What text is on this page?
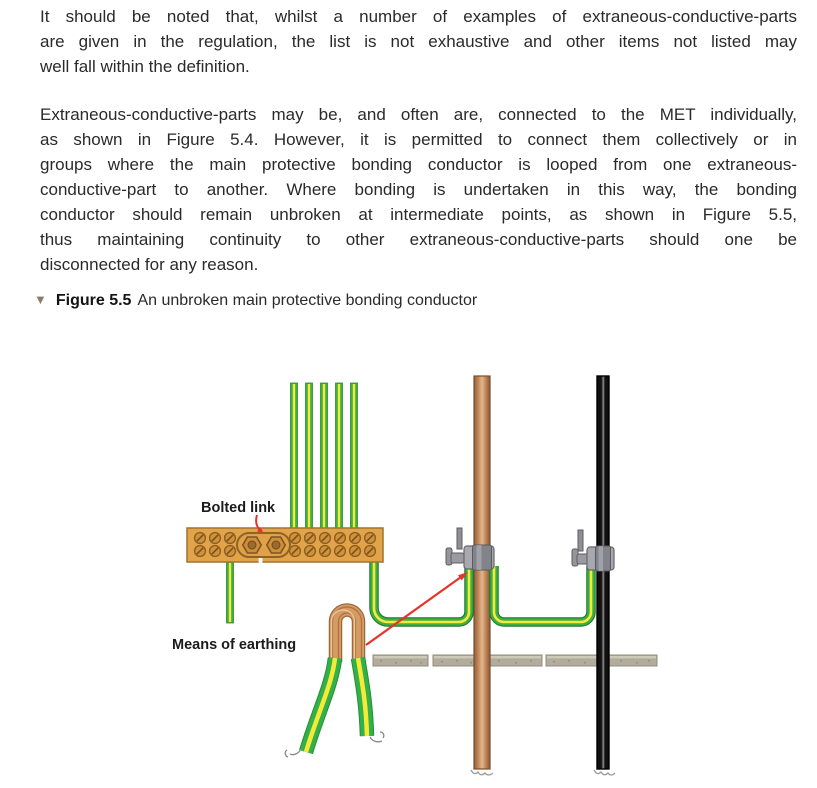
It should be noted that, whilst a number of examples of extraneous-conductive-parts
are given in the regulation, the list is not exhaustive and other items not listed may
well fall within the definition.
Extraneous-conductive-parts may be, and often are, connected to the MET individually,
as shown in Figure 5.4. However, it is permitted to connect them collectively or in
groups where the main protective bonding conductor is looped from one extraneous-
conductive-part to another. Where bonding is undertaken in this way, the bonding
conductor should remain unbroken at intermediate points, as shown in Figure 5.5,
thus maintaining continuity to other extraneous-conductive-parts should one be
disconnected for any reason.
▼ Figure 5.5 An unbroken main protective bonding conductor
Bolted link
Means of earthing
